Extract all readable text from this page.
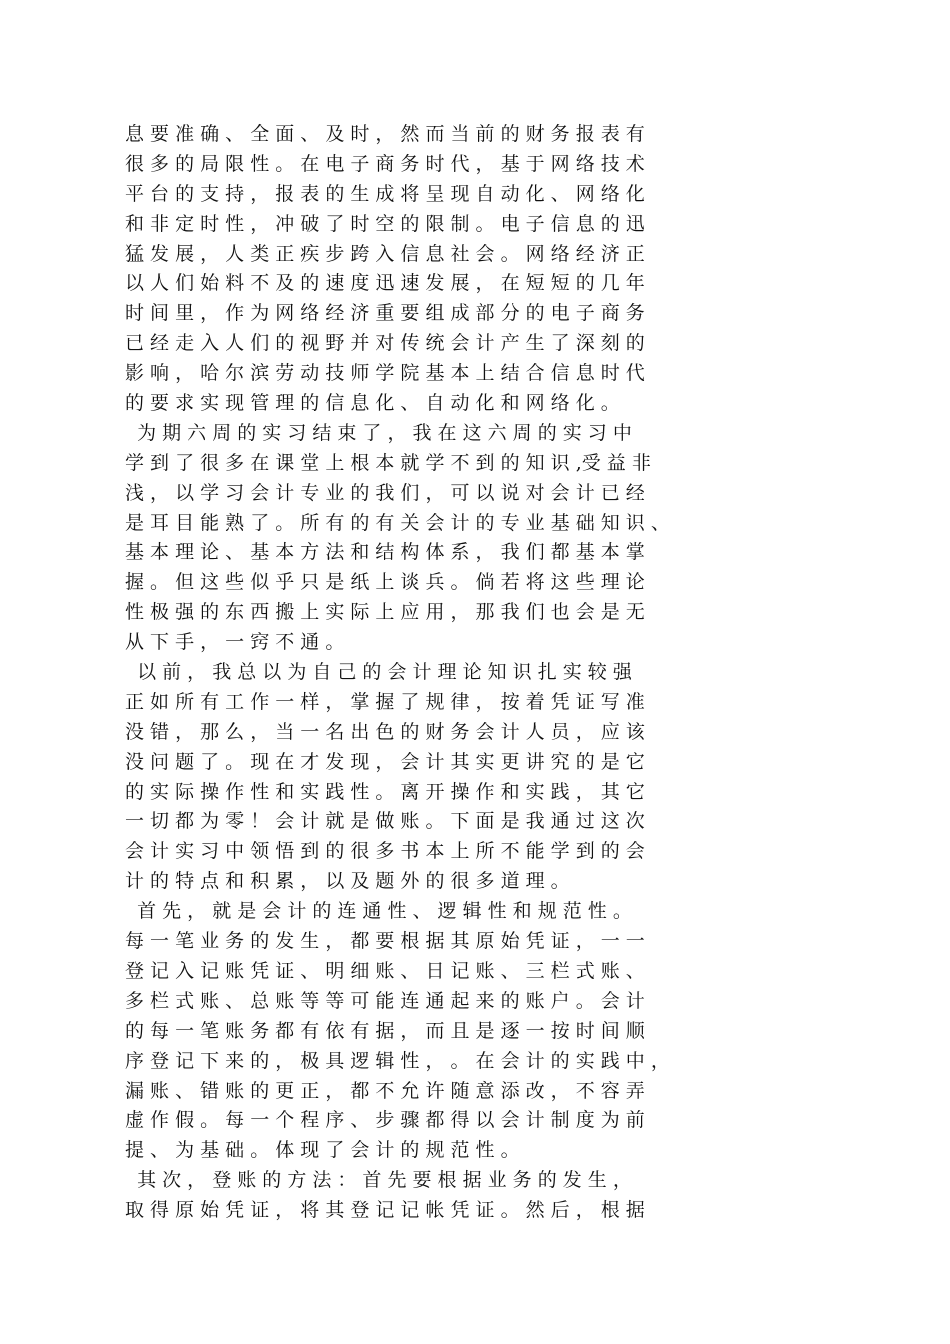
息 要 准 确 、 全 面 、 及 时 ， 然 而 当 前 的 财 务 报 表 有
很 多 的 局 限 性 。 在 电 子 商 务 时 代 ， 基 于 网 络 技 术
平 台 的 支 持 ， 报 表 的 生 成 将 呈 现 自 动 化 、 网 络 化
和 非 定 时 性 ， 冲 破 了 时 空 的 限 制 。 电 子 信 息 的 迅
猛 发 展 ， 人 类 正 疾 步 跨 入 信 息 社 会 。 网 络 经 济 正
以 人 们 始 料 不 及 的 速 度 迅 速 发 展 ， 在 短 短 的 几 年
时 间 里 ， 作 为 网 络 经 济 重 要 组 成 部 分 的 电 子 商 务
已 经 走 入 人 们 的 视 野 并 对 传 统 会 计 产 生 了 深 刻 的
影 响 ， 哈 尔 滨 劳 动 技 师 学 院 基 本 上 结 合 信 息 时 代
的 要 求 实 现 管 理 的 信 息 化 、 自 动 化 和 网 络 化 。
为 期 六 周 的 实 习 结 束 了 ， 我 在 这 六 周 的 实 习 中
学 到 了 很 多 在 课 堂 上 根 本 就 学 不 到 的 知 识 ,受 益 非
浅 ， 以 学 习 会 计 专 业 的 我 们 ， 可 以 说 对 会 计 已 经
是 耳 目 能 熟 了 。 所 有 的 有 关 会 计 的 专 业 基 础 知 识 、
基 本 理 论 、 基 本 方 法 和 结 构 体 系 ， 我 们 都 基 本 掌
握 。 但 这 些 似 乎 只 是 纸 上 谈 兵 。 倘 若 将 这 些 理 论
性 极 强 的 东 西 搬 上 实 际 上 应 用 ， 那 我 们 也 会 是 无
从 下 手 ， 一 窍 不 通 。
以 前 ， 我 总 以 为 自 己 的 会 计 理 论 知 识 扎 实 较 强
正 如 所 有 工 作 一 样 ， 掌 握 了 规 律 ， 按 着 凭 证 写 准
没 错 ， 那 么 ， 当 一 名 出 色 的 财 务 会 计 人 员 ， 应 该
没 问 题 了 。 现 在 才 发 现 ， 会 计 其 实 更 讲 究 的 是 它
的 实 际 操 作 性 和 实 践 性 。 离 开 操 作 和 实 践 ， 其 它
一 切 都 为 零 ！ 会 计 就 是 做 账 。 下 面 是 我 通 过 这 次
会 计 实 习 中 领 悟 到 的 很 多 书 本 上 所 不 能 学 到 的 会
计 的 特 点 和 积 累 ， 以 及 题 外 的 很 多 道 理 。
首 先 ， 就 是 会 计 的 连 通 性 、 逻 辑 性 和 规 范 性 。
每 一 笔 业 务 的 发 生 ， 都 要 根 据 其 原 始 凭 证 ， 一 一
登 记 入 记 账 凭 证 、 明 细 账 、 日 记 账 、 三 栏 式 账 、
多 栏 式 账 、 总 账 等 等 可 能 连 通 起 来 的 账 户 。 会 计
的 每 一 笔 账 务 都 有 依 有 据 ， 而 且 是 逐 一 按 时 间 顺
序 登 记 下 来 的 ， 极 具 逻 辑 性 ， 。 在 会 计 的 实 践 中 ，
漏 账 、 错 账 的 更 正 ， 都 不 允 许 随 意 添 改 ， 不 容 弄
虚 作 假 。 每 一 个 程 序 、 步 骤 都 得 以 会 计 制 度 为 前
提 、 为 基 础 。 体 现 了 会 计 的 规 范 性 。
其 次 ， 登 账 的 方 法 ： 首 先 要 根 据 业 务 的 发 生 ，
取 得 原 始 凭 证 ， 将 其 登 记 记 帐 凭 证 。 然 后 ， 根 据
